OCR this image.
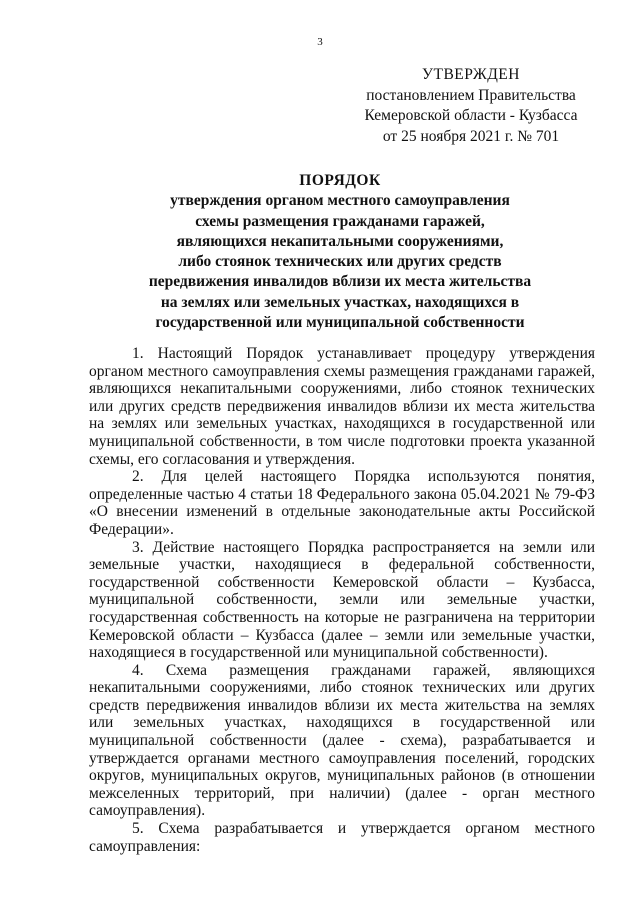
3
УТВЕРЖДЕН
постановлением Правительства
Кемеровской области - Кузбасса
от 25 ноября 2021 г. № 701
ПОРЯДОК
утверждения органом местного самоуправления
схемы размещения гражданами гаражей,
являющихся некапитальными сооружениями,
либо стоянок технических или других средств
передвижения инвалидов вблизи их места жительства
на землях или земельных участках, находящихся в
государственной или муниципальной собственности

1. Настоящий Порядок устанавливает процедуру утверждения органом местного самоуправления схемы размещения гражданами гаражей, являющихся некапитальными сооружениями, либо стоянок технических или других средств передвижения инвалидов вблизи их места жительства на землях или земельных участках, находящихся в государственной или муниципальной собственности, в том числе подготовки проекта указанной схемы, его согласования и утверждения.

2. Для целей настоящего Порядка используются понятия, определенные частью 4 статьи 18 Федерального закона 05.04.2021 № 79-ФЗ «О внесении изменений в отдельные законодательные акты Российской Федерации».

3. Действие настоящего Порядка распространяется на земли или земельные участки, находящиеся в федеральной собственности, государственной собственности Кемеровской области – Кузбасса, муниципальной собственности, земли или земельные участки, государственная собственность на которые не разграничена на территории Кемеровской области – Кузбасса (далее – земли или земельные участки, находящиеся в государственной или муниципальной собственности).

4. Схема размещения гражданами гаражей, являющихся некапитальными сооружениями, либо стоянок технических или других средств передвижения инвалидов вблизи их места жительства на землях или земельных участках, находящихся в государственной или муниципальной собственности (далее - схема), разрабатывается и утверждается органами местного самоуправления поселений, городских округов, муниципальных округов, муниципальных районов (в отношении межселенных территорий, при наличии) (далее - орган местного самоуправления).

5. Схема разрабатывается и утверждается органом местного самоуправления:
